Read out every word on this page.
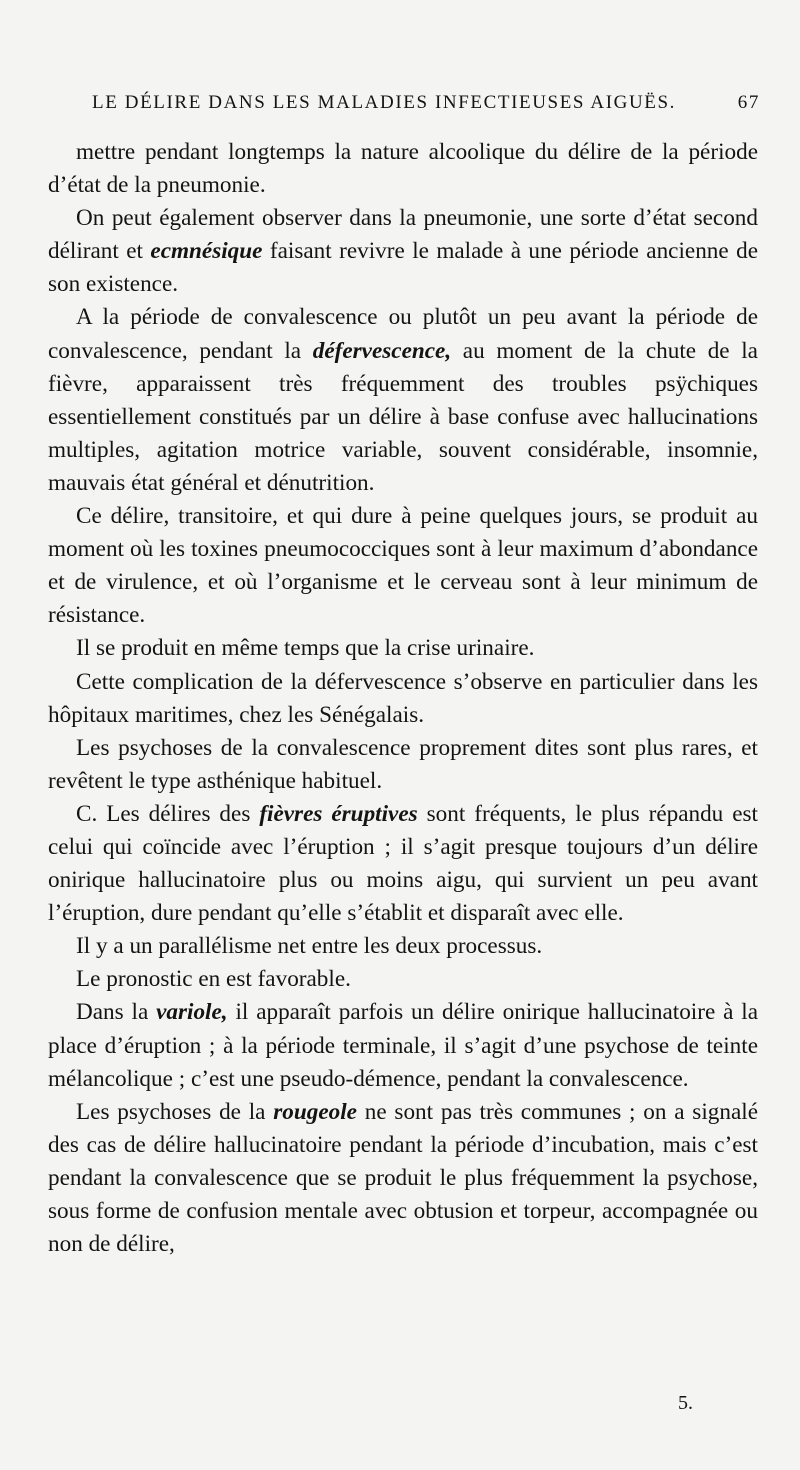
LE DÉLIRE DANS LES MALADIES INFECTIEUSES AIGUËS.	67

mettre pendant longtemps la nature alcoolique du délire de la période d’état de la pneumonie.

On peut également observer dans la pneumonie, une sorte d’état second délirant et ecmnésique faisant revivre le malade à une période ancienne de son existence.

A la période de convalescence ou plutôt un peu avant la période de convalescence, pendant la défervescence, au moment de la chute de la fièvre, apparaissent très fréquemment des troubles psÿchiques essentiellement constitués par un délire à base confuse avec hallucinations multiples, agitation motrice variable, souvent considérable, insomnie, mauvais état général et dénutrition.

Ce délire, transitoire, et qui dure à peine quelques jours, se produit au moment où les toxines pneumococciques sont à leur maximum d’abondance et de virulence, et où l’organisme et le cerveau sont à leur minimum de résistance.

Il se produit en même temps que la crise urinaire.

Cette complication de la défervescence s’observe en particulier dans les hôpitaux maritimes, chez les Sénégalais.

Les psychoses de la convalescence proprement dites sont plus rares, et revêtent le type asthénique habituel.

C. Les délires des fièvres éruptives sont fréquents, le plus répandu est celui qui coïncide avec l’éruption ; il s’agit presque toujours d’un délire onirique hallucinatoire plus ou moins aigu, qui survient un peu avant l’éruption, dure pendant qu’elle s’établit et disparaît avec elle.

Il y a un parallélisme net entre les deux processus.

Le pronostic en est favorable.

Dans la variole, il apparaît parfois un délire onirique hallucinatoire à la place d’éruption ; à la période terminale, il s’agit d’une psychose de teinte mélancolique ; c’est une pseudo-démence, pendant la convalescence.

Les psychoses de la rougeole ne sont pas très communes ; on a signalé des cas de délire hallucinatoire pendant la période d’incubation, mais c’est pendant la convalescence que se produit le plus fréquemment la psychose, sous forme de confusion mentale avec obtusion et torpeur, accompagnée ou non de délire,

5.
